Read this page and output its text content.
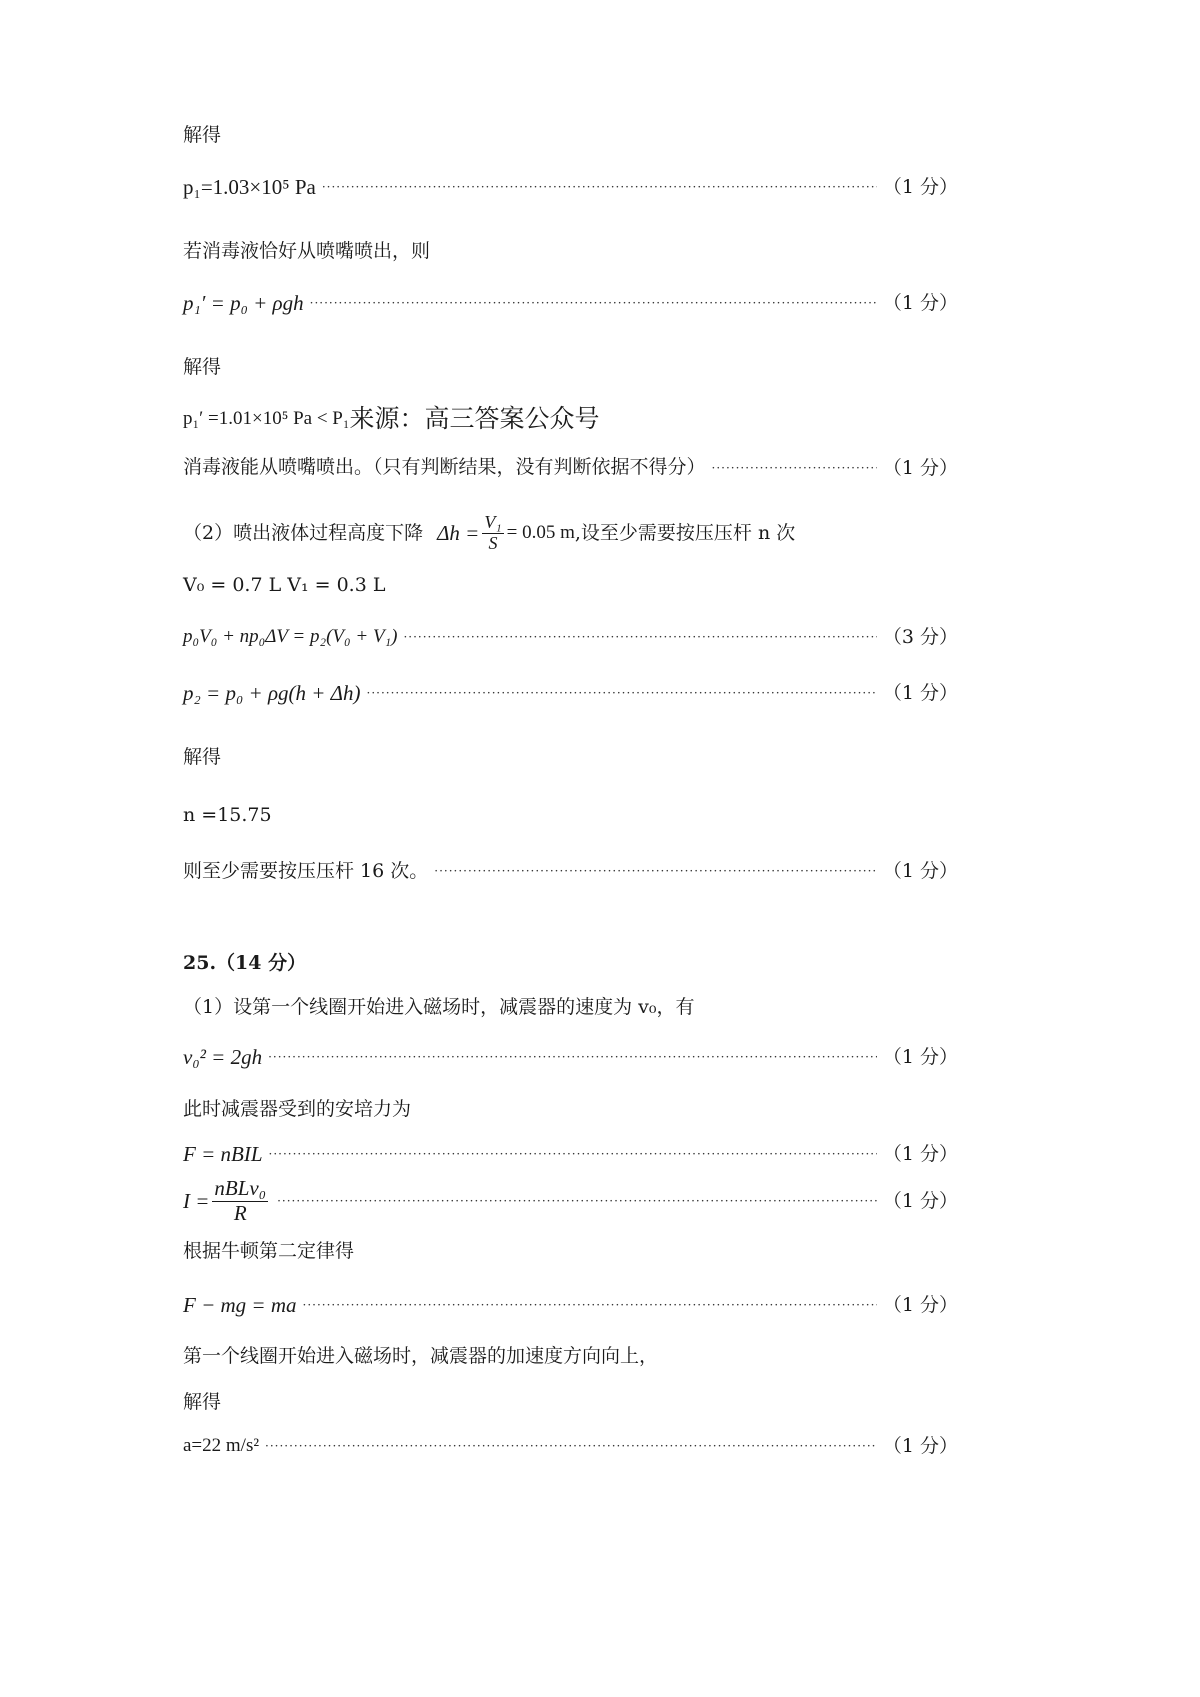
解得
p₁=1.03×10⁵ Pa ·····	（1 分）
若消毒液恰好从喷嘴喷出，则
p₁′ = p₀ + ρgh ·····	（1 分）
解得
p₁′ =1.01×10⁵ Pa < P₁ 来源：高三答案公众号
消毒液能从喷嘴喷出。（只有判断结果，没有判断依据不得分） ·····	（1 分）
（2）喷出液体过程高度下降 $\Delta h = \frac{\text{V₁}}{S} = 0.05$ m ,设至少需要按压压杆 n 次
V₀ = 0.7 L V₁ = 0.3 L
p₀V₀ + np₀ΔV = p₂(V₀ + V₁) ·····	（3 分）
p₂ = p₀ + ρg(h + Δh) ·····	（1 分）
解得
n =15.75
则至少需要按压压杆 16 次。 ·····	（1 分）
25.（14 分）
（1）设第一个线圈开始进入磁场时，减震器的速度为 v₀，有
v₀² = 2gh ·····	（1 分）
此时减震器受到的安培力为
F = nBIL ·····	（1 分）
$I = \frac{\text{nBLv₀}}{R}$ ·····	（1 分）
根据牛顿第二定律得
F − mg = ma ·····	（1 分）
第一个线圈开始进入磁场时，减震器的加速度方向向上，
解得
a=22 m/s² ·····	（1 分）
